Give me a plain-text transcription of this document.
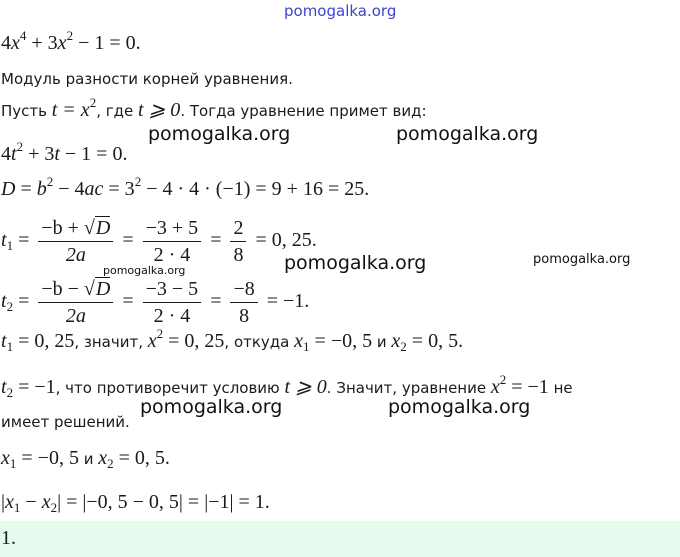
pomogalka.org
$4x^4 + 3x^2 - 1 = 0$.
Модуль разности корней уравнения.
Пусть $t = x^2$, где t ⩾ 0. Тогда уравнение примет вид:
pomogalka.org	pomogalka.org
$4t^2 + 3t - 1 = 0$.
$D = b^2 - 4ac = 3^2 - 4 \cdot 4 \cdot (-1) = 9 + 16 = 25$.
$t_1 = \frac{-b + √D}{2a} = \frac{-3 + 5}{2 \cdot 4} = \frac{2}{8} = 0$, 25.
pomogalka.org	pomogalka.org	pomogalka.org
$t_2 = \frac{-b - √D}{2a} = \frac{-3 - 5}{2 \cdot 4} = \frac{-8}{8} = -1$.
$t_1 = 0$, 25, значит, $x^2 = 0$, 25, откуда $x_1 = -0$, 5 и $x_2 = 0$, 5.
$t_2 = -1$, что противоречит условию t ⩾ 0. Значит, уравнение $x^2 = -1$ не
имеет решений.
pomogalka.org	pomogalka.org
$x_1 = -0$, 5 и $x_2 = 0$, 5.
$|x_1 - x_2| = |-0$, 5 − 0, 5| = |−1| = 1.
1.
